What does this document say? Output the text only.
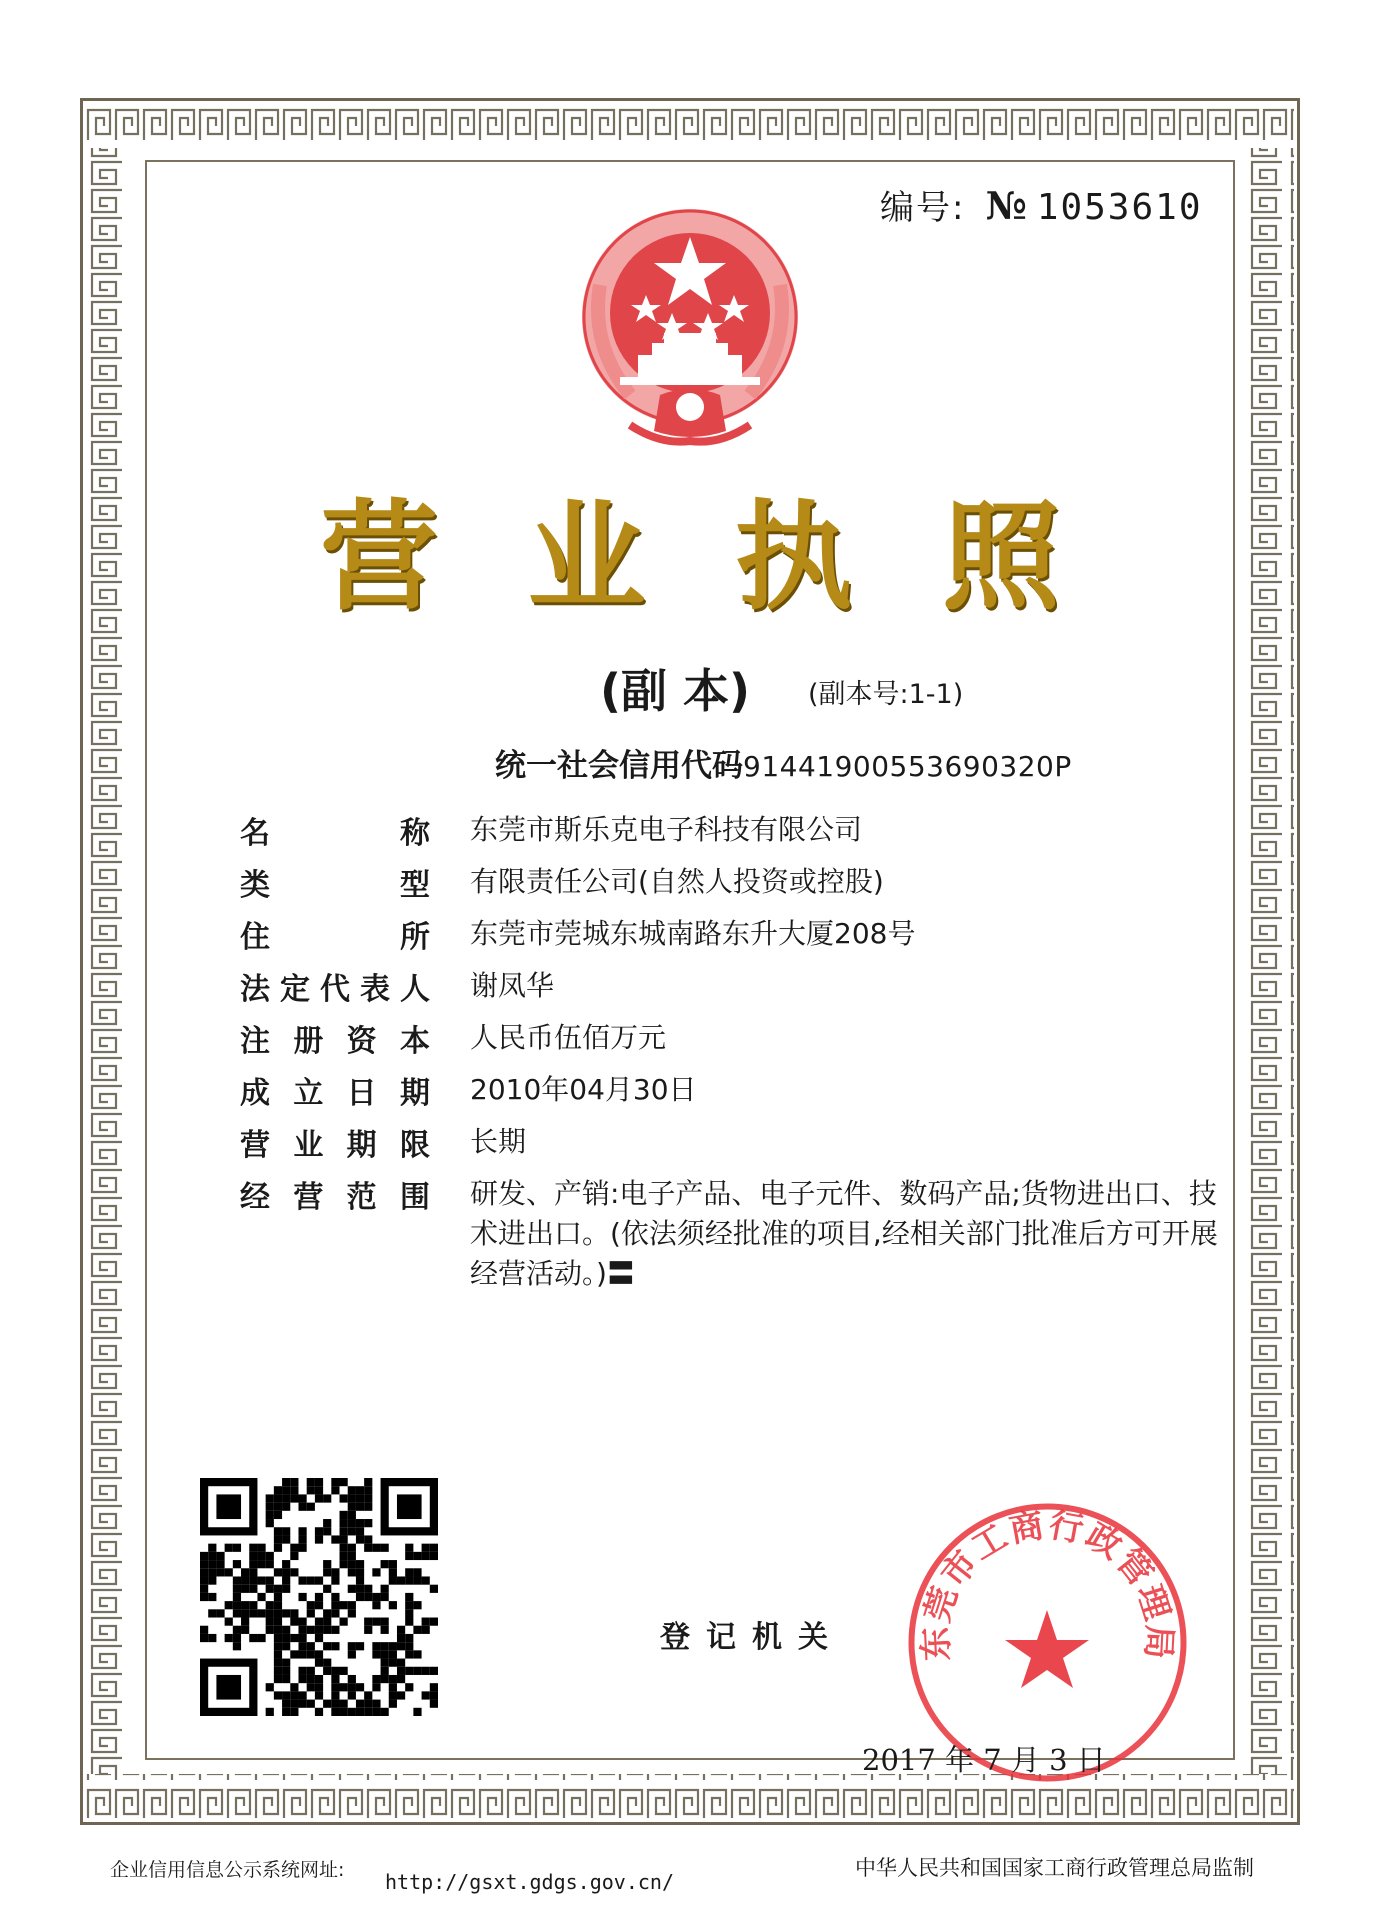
编号: № 1053610
营 业 执 照
(副 本) (副本号:1-1)
统一社会信用代码91441900553690320P
名	称 东莞市斯乐克电子科技有限公司
类	型 有限责任公司(自然人投资或控股)
住	所 东莞市莞城东城南路东升大厦208号
法 定 代 表 人 谢凤华
注 册 资 本 人民币伍佰万元
成 立 日 期 2010年04月30日
营 业 期 限 长期
经 营 范 围 研发、产销:电子产品、电子元件、数码产品;货物进出口、技术进出口。(依法须经批准的项目,经相关部门批准后方可开展经营活动。)〓
登记机关 东莞市工商行政管理局
2017 年 7 月 3 日
企业信用信息公示系统网址: http://gsxt.gdgs.gov.cn/
中华人民共和国国家工商行政管理总局监制
